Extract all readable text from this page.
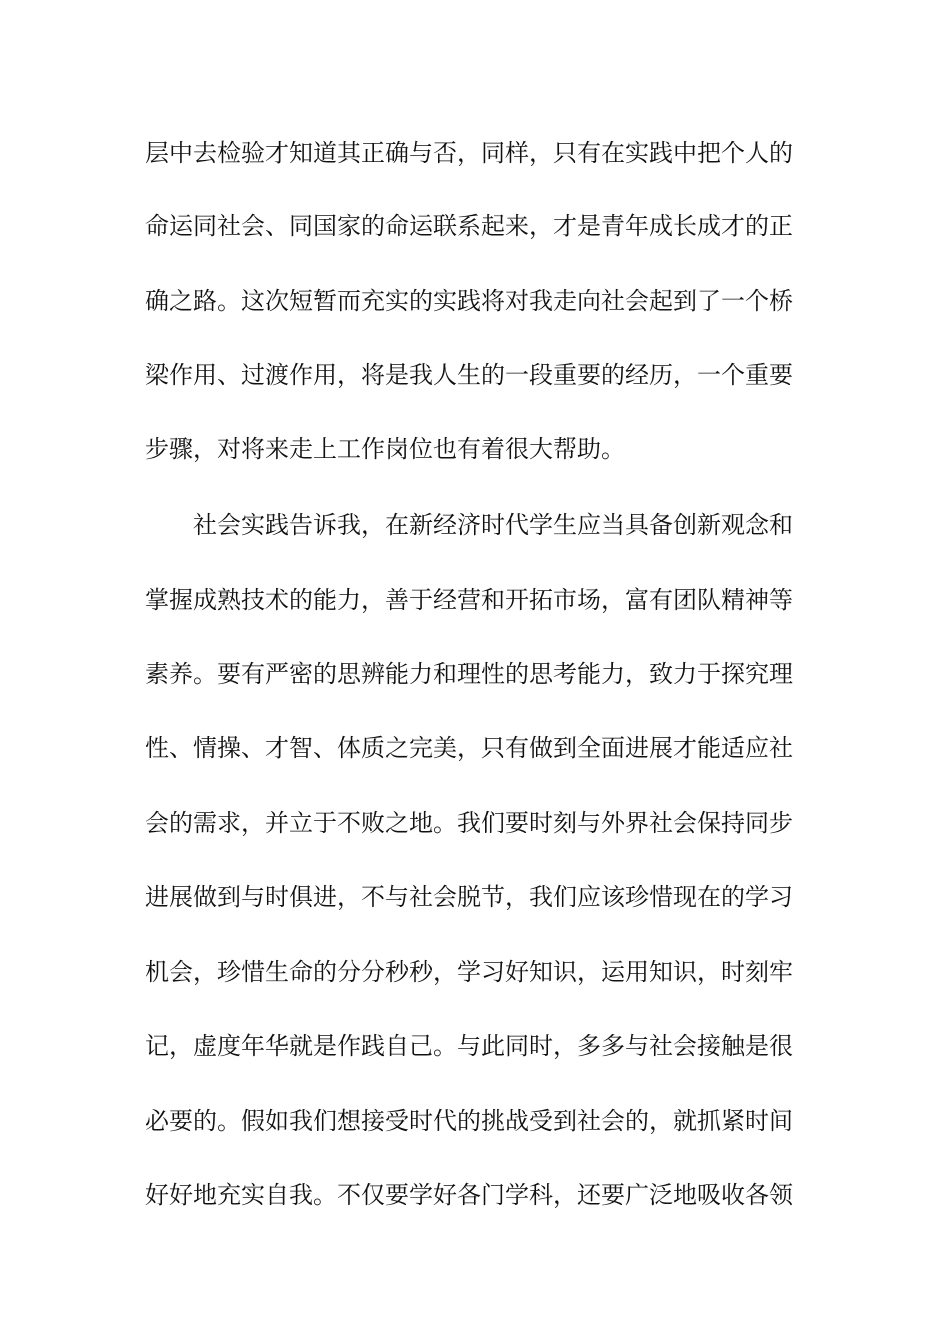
层中去检验才知道其正确与否，同样，只有在实践中把个人的
命运同社会、同国家的命运联系起来，才是青年成长成才的正
确之路。这次短暂而充实的实践将对我走向社会起到了一个桥
梁作用、过渡作用，将是我人生的一段重要的经历，一个重要
步骤，对将来走上工作岗位也有着很大帮助。
社会实践告诉我，在新经济时代学生应当具备创新观念和
掌握成熟技术的能力，善于经营和开拓市场，富有团队精神等
素养。要有严密的思辨能力和理性的思考能力，致力于探究理
性、情操、才智、体质之完美，只有做到全面进展才能适应社
会的需求，并立于不败之地。我们要时刻与外界社会保持同步
进展做到与时俱进，不与社会脱节，我们应该珍惜现在的学习
机会，珍惜生命的分分秒秒，学习好知识，运用知识，时刻牢
记，虚度年华就是作践自己。与此同时，多多与社会接触是很
必要的。假如我们想接受时代的挑战受到社会的，就抓紧时间
好好地充实自我。不仅要学好各门学科，还要广泛地吸收各领
